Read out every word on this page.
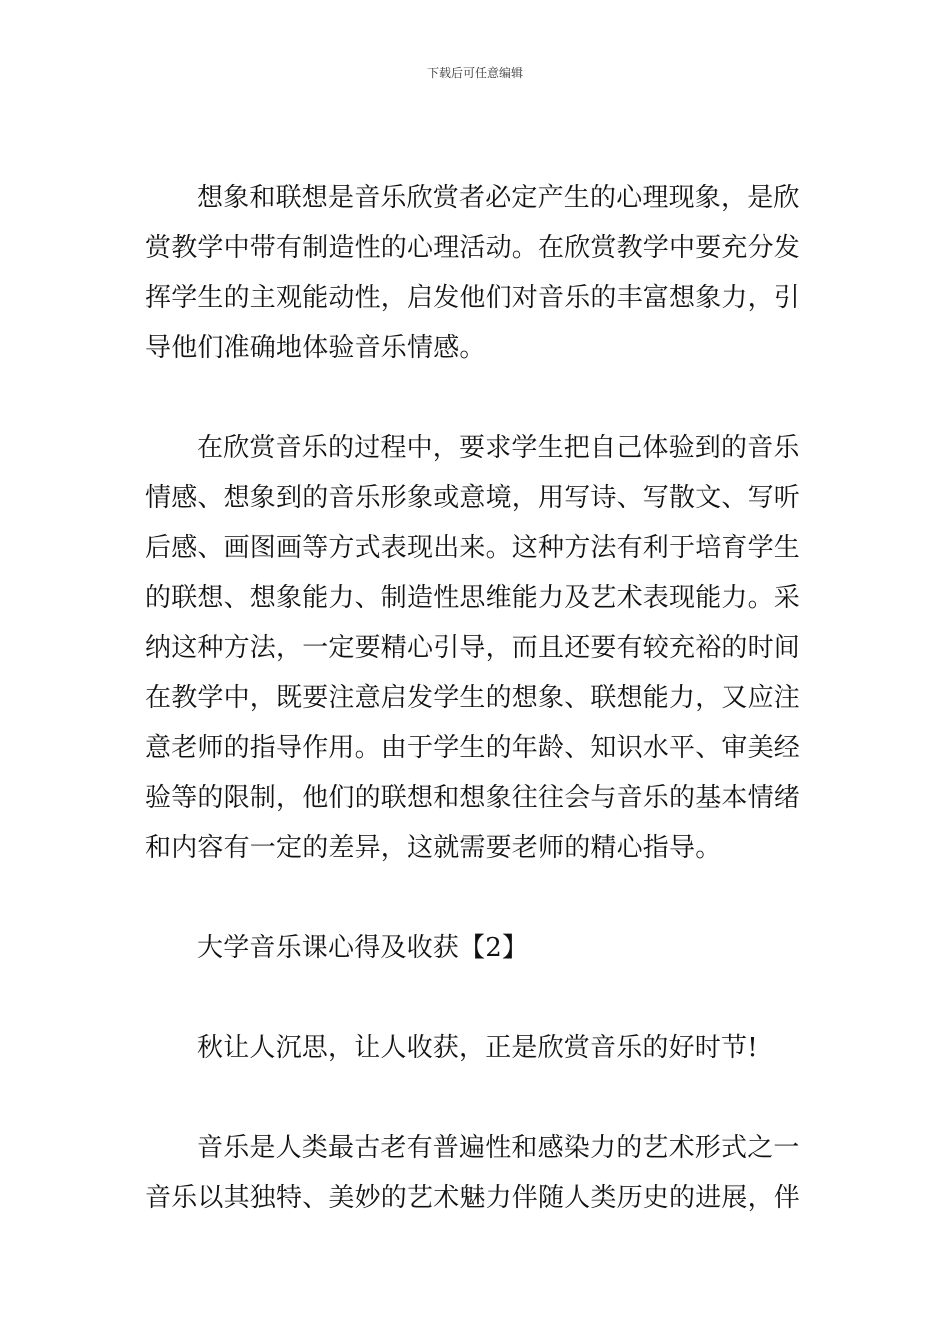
下载后可任意编辑
想象和联想是音乐欣赏者必定产生的心理现象，是欣
赏教学中带有制造性的心理活动。在欣赏教学中要充分发
挥学生的主观能动性，启发他们对音乐的丰富想象力，引
导他们准确地体验音乐情感。
在欣赏音乐的过程中，要求学生把自己体验到的音乐
情感、想象到的音乐形象或意境，用写诗、写散文、写听
后感、画图画等方式表现出来。这种方法有利于培育学生
的联想、想象能力、制造性思维能力及艺术表现能力。采
纳这种方法，一定要精心引导，而且还要有较充裕的时间
在教学中，既要注意启发学生的想象、联想能力，又应注
意老师的指导作用。由于学生的年龄、知识水平、审美经
验等的限制，他们的联想和想象往往会与音乐的基本情绪
和内容有一定的差异，这就需要老师的精心指导。
大学音乐课心得及收获【2】
秋让人沉思，让人收获，正是欣赏音乐的好时节!
音乐是人类最古老有普遍性和感染力的艺术形式之一
音乐以其独特、美妙的艺术魅力伴随人类历史的进展，伴
